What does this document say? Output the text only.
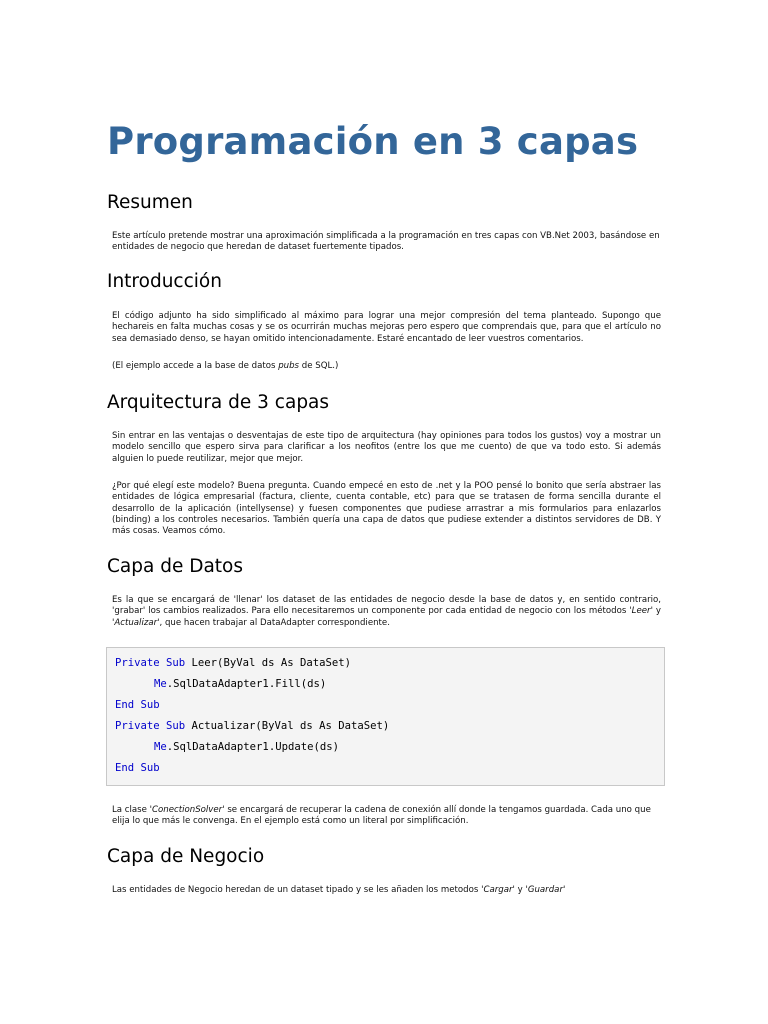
Programación en 3 capas
Resumen

Este artículo pretende mostrar una aproximación simplificada a la programación en tres capas con VB.Net 2003, basándose en entidades de negocio que heredan de dataset fuertemente tipados.

Introducción

El código adjunto ha sido simplificado al máximo para lograr una mejor compresión del tema planteado. Supongo que hechareis en falta muchas cosas y se os ocurrirán muchas mejoras pero espero que comprendais que, para que el artículo no sea demasiado denso, se hayan omitido intencionadamente. Estaré encantado de leer vuestros comentarios.

(El ejemplo accede a la base de datos pubs de SQL.)

Arquitectura de 3 capas

Sin entrar en las ventajas o desventajas de este tipo de arquitectura (hay opiniones para todos los gustos) voy a mostrar un modelo sencillo que espero sirva para clarificar a los neofitos (entre los que me cuento) de que va todo esto. Si además alguien lo puede reutilizar, mejor que mejor.

¿Por qué elegí este modelo? Buena pregunta. Cuando empecé en esto de .net y la POO pensé lo bonito que sería abstraer las entidades de lógica empresarial (factura, cliente, cuenta contable, etc) para que se tratasen de forma sencilla durante el desarrollo de la aplicación (intellysense) y fuesen componentes que pudiese arrastrar a mis formularios para enlazarlos (binding) a los controles necesarios. También quería una capa de datos que pudiese extender a distintos servidores de DB. Y más cosas. Veamos cómo.

Capa de Datos

Es la que se encargará de 'llenar' los dataset de las entidades de negocio desde la base de datos y, en sentido contrario, 'grabar' los cambios realizados. Para ello necesitaremos un componente por cada entidad de negocio con los métodos 'Leer' y 'Actualizar', que hacen trabajar al DataAdapter correspondiente.

Private Sub Leer(ByVal ds As DataSet)
Me.SqlDataAdapter1.Fill(ds)
End Sub
Private Sub Actualizar(ByVal ds As DataSet)
Me.SqlDataAdapter1.Update(ds)
End Sub

La clase 'ConectionSolver' se encargará de recuperar la cadena de conexión allí donde la tengamos guardada. Cada uno que elija lo que más le convenga. En el ejemplo está como un literal por simplificación.

Capa de Negocio

Las entidades de Negocio heredan de un dataset tipado y se les añaden los metodos 'Cargar' y 'Guardar'
